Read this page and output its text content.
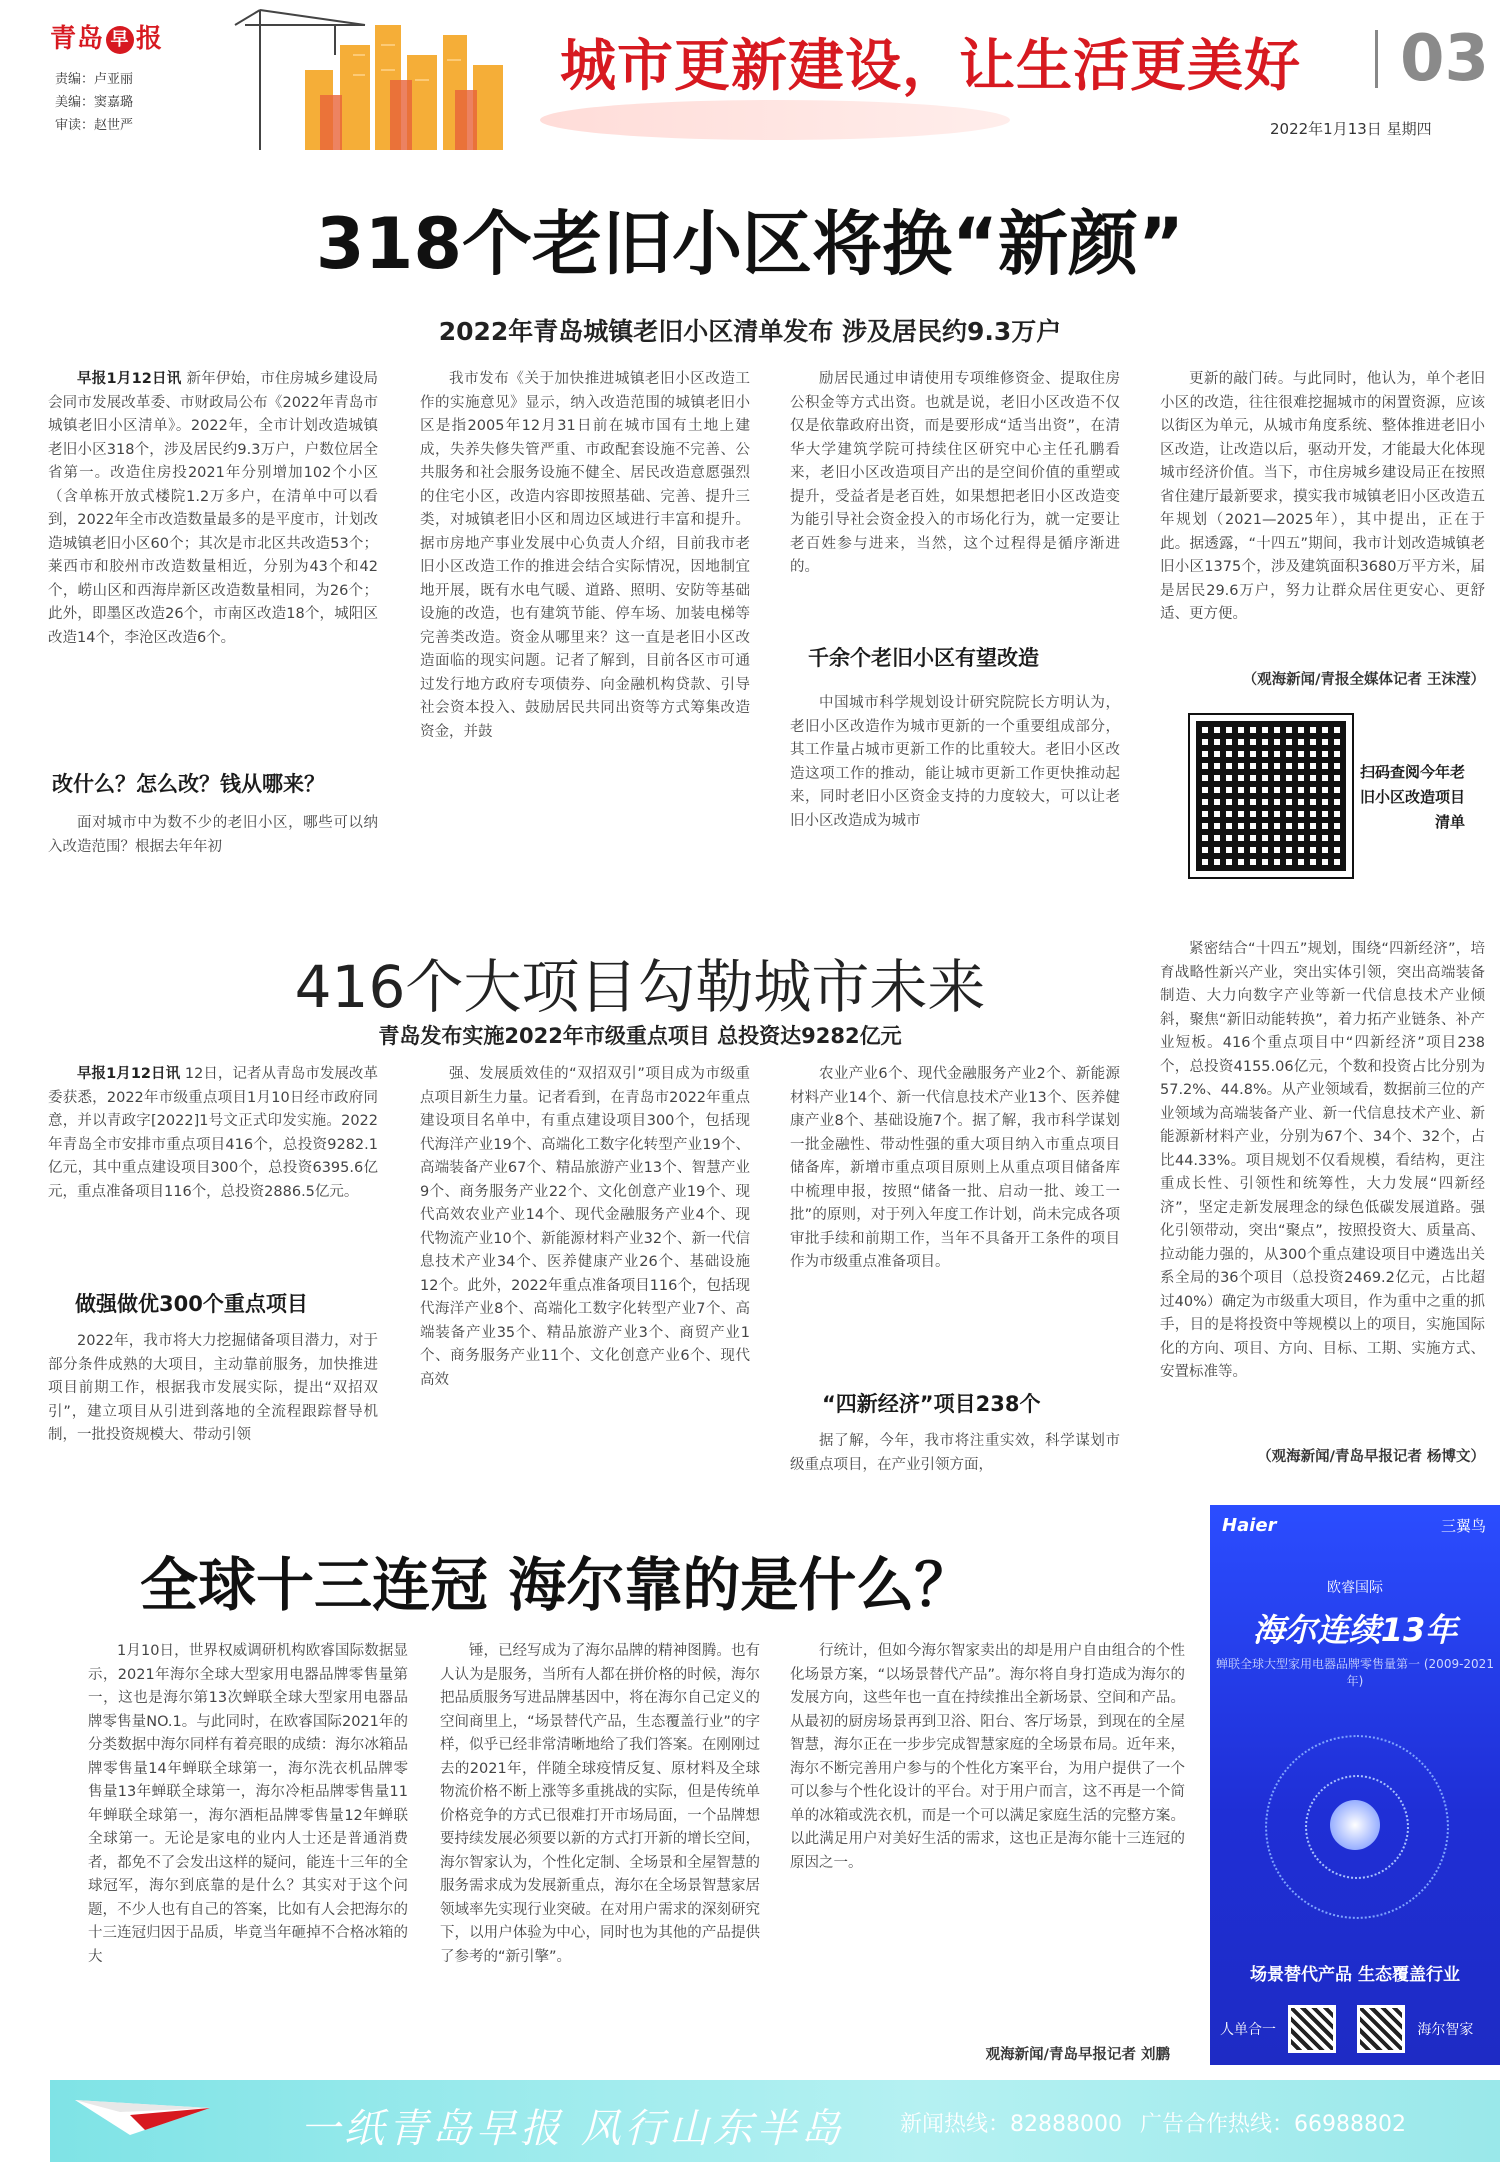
青岛 早 报
责编：卢亚丽
美编：窦嘉璐
审读：赵世严
城市更新建设，让生活更美好 03
2022年1月13日 星期四
318个老旧小区将换“新颜”
2022年青岛城镇老旧小区清单发布 涉及居民约9.3万户
早报1月12日讯 新年伊始，市住房城乡建设局会同市发展改革委、市财政局公布《2022年青岛市城镇老旧小区清单》。2022年，全市计划改造城镇老旧小区318个，涉及居民约9.3万户，户数位居全省第一。改造住房投2021年分别增加102个小区（含单栋开放式楼院1.2万多户，在清单中可以看到，2022年全市改造数量最多的是平度市，计划改造城镇老旧小区60个；其次是市北区共改造53个；莱西市和胶州市改造数量相近，分别为43个和42个，崂山区和西海岸新区改造数量相同，为26个；此外，即墨区改造26个，市南区改造18个，城阳区改造14个，李沧区改造6个。
改什么？怎么改？钱从哪来？
面对城市中为数不少的老旧小区，哪些可以纳入改造范围？根据去年年初
我市发布《关于加快推进城镇老旧小区改造工作的实施意见》显示，纳入改造范围的城镇老旧小区是指2005年12月31日前在城市国有土地上建成，失养失修失管严重、市政配套设施不完善、公共服务和社会服务设施不健全、居民改造意愿强烈的住宅小区，改造内容即按照基础、完善、提升三类，对城镇老旧小区和周边区域进行丰富和提升。据市房地产事业发展中心负责人介绍，目前我市老旧小区改造工作的推进会结合实际情况，因地制宜地开展，既有水电气暖、道路、照明、安防等基础设施的改造，也有建筑节能、停车场、加装电梯等完善类改造。资金从哪里来？这一直是老旧小区改造面临的现实问题。记者了解到，目前各区市可通过发行地方政府专项债券、向金融机构贷款、引导社会资本投入、鼓励居民共同出资等方式筹集改造资金，并鼓
励居民通过申请使用专项维修资金、提取住房公积金等方式出资。也就是说，老旧小区改造不仅仅是依靠政府出资，而是要形成“适当出资”，在清华大学建筑学院可持续住区研究中心主任孔鹏看来，老旧小区改造项目产出的是空间价值的重塑或提升，受益者是老百姓，如果想把老旧小区改造变为能引导社会资金投入的市场化行为，就一定要让老百姓参与进来，当然，这个过程得是循序渐进的。
千余个老旧小区有望改造
中国城市科学规划设计研究院院长方明认为，老旧小区改造作为城市更新的一个重要组成部分，其工作量占城市更新工作的比重较大。老旧小区改造这项工作的推动，能让城市更新工作更快推动起来，同时老旧小区资金支持的力度较大，可以让老旧小区改造成为城市
更新的敲门砖。与此同时，他认为，单个老旧小区的改造，往往很难挖掘城市的闲置资源，应该以街区为单元，从城市角度系统、整体推进老旧小区改造，让改造以后，驱动开发，才能最大化体现城市经济价值。当下，市住房城乡建设局正在按照省住建厅最新要求，摸实我市城镇老旧小区改造五年规划（2021—2025年），其中提出，正在于此。据透露，“十四五”期间，我市计划改造城镇老旧小区1375个，涉及建筑面积3680万平方米，届是居民29.6万户，努力让群众居住更安心、更舒适、更方便。
（观海新闻/青报全媒体记者 王沫滢）
扫码查阅今年老旧小区改造项目清单
416个大项目勾勒城市未来
青岛发布实施2022年市级重点项目 总投资达9282亿元
早报1月12日讯 12日，记者从青岛市发展改革委获悉，2022年市级重点项目1月10日经市政府同意，并以青政字[2022]1号文正式印发实施。2022年青岛全市安排市重点项目416个，总投资9282.1亿元，其中重点建设项目300个，总投资6395.6亿元，重点准备项目116个，总投资2886.5亿元。
做强做优300个重点项目
2022年，我市将大力挖掘储备项目潜力，对于部分条件成熟的大项目，主动靠前服务，加快推进项目前期工作，根据我市发展实际，提出“双招双引”，建立项目从引进到落地的全流程跟踪督导机制，一批投资规模大、带动引领
强、发展质效佳的“双招双引”项目成为市级重点项目新生力量。记者看到，在青岛市2022年重点建设项目名单中，有重点建设项目300个，包括现代海洋产业19个、高端化工数字化转型产业19个、高端装备产业67个、精品旅游产业13个、智慧产业9个、商务服务产业22个、文化创意产业19个、现代高效农业产业14个、现代金融服务产业4个、现代物流产业10个、新能源材料产业32个、新一代信息技术产业34个、医养健康产业26个、基础设施12个。此外，2022年重点准备项目116个，包括现代海洋产业8个、高端化工数字化转型产业7个、高端装备产业35个、精品旅游产业3个、商贸产业1个、商务服务产业11个、文化创意产业6个、现代高效
农业产业6个、现代金融服务产业2个、新能源材料产业14个、新一代信息技术产业13个、医养健康产业8个、基础设施7个。据了解，我市科学谋划一批金融性、带动性强的重大项目纳入市重点项目储备库，新增市重点项目原则上从重点项目储备库中梳理申报，按照“储备一批、启动一批、竣工一批”的原则，对于列入年度工作计划，尚未完成各项审批手续和前期工作，当年不具备开工条件的项目作为市级重点准备项目。
“四新经济”项目238个
据了解，今年，我市将注重实效，科学谋划市级重点项目，在产业引领方面，
紧密结合“十四五”规划，围绕“四新经济”，培育战略性新兴产业，突出实体引领，突出高端装备制造、大力向数字产业等新一代信息技术产业倾斜，聚焦“新旧动能转换”，着力拓产业链条、补产业短板。416个重点项目中“四新经济”项目238个，总投资4155.06亿元，个数和投资占比分别为57.2%、44.8%。从产业领域看，数据前三位的产业领域为高端装备产业、新一代信息技术产业、新能源新材料产业，分别为67个、34个、32个，占比44.33%。项目规划不仅看规模，看结构，更注重成长性、引领性和统筹性，大力发展“四新经济”，坚定走新发展理念的绿色低碳发展道路。强化引领带动，突出“聚点”，按照投资大、质量高、拉动能力强的，从300个重点建设项目中遴选出关系全局的36个项目（总投资2469.2亿元，占比超过40%）确定为市级重大项目，作为重中之重的抓手，目的是将投资中等规模以上的项目，实施国际化的方向、项目、方向、目标、工期、实施方式、安置标准等。
（观海新闻/青岛早报记者 杨博文）
全球十三连冠 海尔靠的是什么？
1月10日，世界权威调研机构欧睿国际数据显示，2021年海尔全球大型家用电器品牌零售量第一，这也是海尔第13次蝉联全球大型家用电器品牌零售量NO.1。与此同时，在欧睿国际2021年的分类数据中海尔同样有着亮眼的成绩：海尔冰箱品牌零售量14年蝉联全球第一，海尔洗衣机品牌零售量13年蝉联全球第一，海尔冷柜品牌零售量11年蝉联全球第一，海尔酒柜品牌零售量12年蝉联全球第一。无论是家电的业内人士还是普通消费者，都免不了会发出这样的疑问，能连十三年的全球冠军，海尔到底靠的是什么？其实对于这个问题，不少人也有自己的答案，比如有人会把海尔的十三连冠归因于品质，毕竟当年砸掉不合格冰箱的大
锤，已经写成为了海尔品牌的精神图腾。也有人认为是服务，当所有人都在拼价格的时候，海尔把品质服务写进品牌基因中，将在海尔自己定义的空间商里上，“场景替代产品，生态覆盖行业”的字样，似乎已经非常清晰地给了我们答案。在刚刚过去的2021年，伴随全球疫情反复、原材料及全球物流价格不断上涨等多重挑战的实际，但是传统单价格竞争的方式已很难打开市场局面，一个品牌想要持续发展必须要以新的方式打开新的增长空间，海尔智家认为，个性化定制、全场景和全屋智慧的服务需求成为发展新重点，海尔在全场景智慧家居领域率先实现行业突破。在对用户需求的深刻研究下，以用户体验为中心，同时也为其他的产品提供了参考的“新引擎”。
行统计，但如今海尔智家卖出的却是用户自由组合的个性化场景方案，“以场景替代产品”。海尔将自身打造成为海尔的发展方向，这些年也一直在持续推出全新场景、空间和产品。从最初的厨房场景再到卫浴、阳台、客厅场景，到现在的全屋智慧，海尔正在一步步完成智慧家庭的全场景布局。近年来，海尔不断完善用户参与的个性化方案平台，为用户提供了一个可以参与个性化设计的平台。对于用户而言，这不再是一个简单的冰箱或洗衣机，而是一个可以满足家庭生活的完整方案。以此满足用户对美好生活的需求，这也正是海尔能十三连冠的原因之一。
观海新闻/青岛早报记者 刘鹏
Haier	三翼鸟
欧睿国际
海尔连续13年
蝉联全球大型家用电器品牌零售量第一 (2009-2021年)
场景替代产品 生态覆盖行业
人单合一	海尔智家
一纸青岛早报 风行山东半岛	新闻热线：82888000 广告合作热线：66988802
